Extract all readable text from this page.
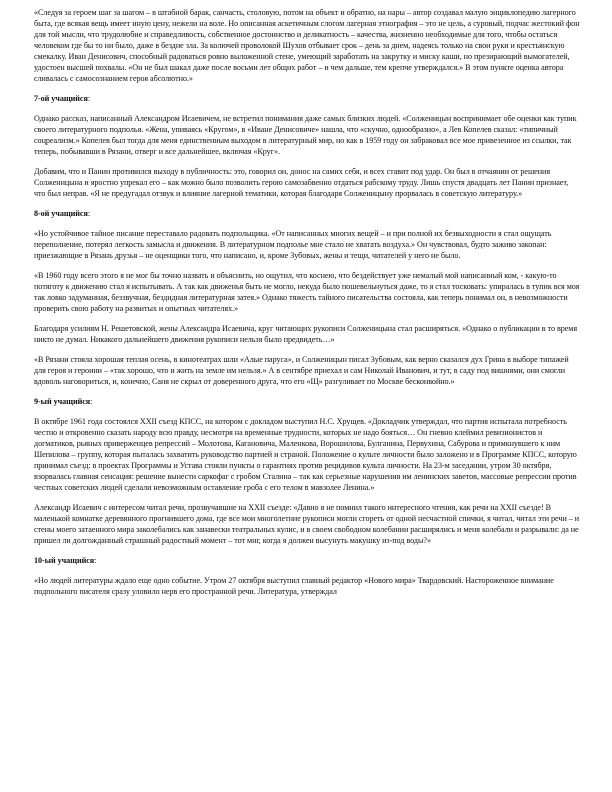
«Следуя за героем шаг за шагом – в штабной барак, санчасть, столовую, потом на объект и обратно, на нары – автор создавал малую энциклопедию лагерного быта, где всякая вещь имеет иную цену, нежели на воле. Но описанная аскетичным слогом лагерная этнография – это не цель, а суровый, подчас жестокий фон для той мысли, что трудолюбие и справедливость, собственное достоинство и деликатность – качества, жизненно необходимые для того, чтобы остаться человеком где бы то ни было, даже в бездне зла. За колючей проволокой Шухов отбывает срок – день за днем, надеясь только на свои руки и крестьянскую смекалку. Иван Денисович, способный радоваться ровно выложенной стене, умеющий заработать на закрутку и миску каши, но презирающий вымогателей, удостоен высшей похвалы. «Он не был шакал даже после восьми лет общих работ – и чем дальше, тем крепче утверждался.» В этом пункте оценка автора сливалась с самосознанием героя абсолютно.»

7-ой учащийся:

Однако рассказ, написанный Александром Исаевичем, не встретил понимания даже самых близких людей. «Солженицын воспринимает обе оценки как тупик своего литературного подполья. «Жена, упиваясь «Кругом», в «Иване Денисовиче» нашла, что «скучно, однообразно», а Лев Копелев сказал: «типичный соцреализм.» Копелев был тогда для меня единственным выходом в литературный мир, но как в 1959 году он забраковал все мое привезенное из ссылки, так теперь, побывавши в Рязани, отверг и все дальнейшее, включая «Круг».

Добавим, что и Панин противился выходу в публичность: это, говорил он, донос на самих себя, и всех ставит под удар. Он был в отчаянии от решения Солженицына и яростно упрекал его – как можно было позволить герою самозабвенно отдаться рабскому труду. Лишь спустя двадцать лет Панин признает, что был неправ. «Я не предугадал отзвук и влияние лагерной тематики, которая благодаря Солженицыну прорвалась в советскую литературу.»

8-ой учащийся:

«Но устойчивое тайное писание переставало радовать подпольщика. «От написанных многих вещей – и при полной их безвыходности я стал ощущать переполнение, потерял легкость замысла и движения. В литературном подполье мне стало не хватать воздуха.» Он чувствовал, будто заживо закопан: приезжающие в Рязань друзья – не оценщики того, что написано, и, кроме Зубовых, жены и тещи, читателей у него не было.

«В 1960 году всего этого я не мог бы точно назвать и объяснить, но ощутил, что коснею, что бездействует уже немалый мой написанный ком, - какую-то потяготу к движению стал я испытывать. А так как движенья быть не могло, некуда было пошевельнуться даже, то я стал тосковать: упиралась в тупик вся моя так ловко задуманная, беззвучная, бездидная литературная затея.» Однако тяжесть тайного писательства состояла, как теперь понимал он, в невозможности проверить свою работу на развитых и опытных читателях.»

Благодаря усилиям Н. Решетовской, жены Александра Исаевича, круг читающих рукописи Солженицына стал расширяться. «Однако о публикации в то время никто не думал. Никакого дальнейшего движения рукописи нельзя было предвидеть…»

«В Рязани стояла хорошая теплая осень, в кинотеатрах шли «Алые паруса», и Солженицын писал Зубовым, как верно сказался дух Грина в выборе типажей для героя и героини – «так хорошо, что и жить на земле им нельзя.» А в сентябре приехал и сам Николай Иванович, и тут, в саду под вишнями, они смогли вдоволь наговориться, и, конечно, Саня не скрыл от доверенного друга, что его «Щ» разгуливает по Москве бесконвойно.»

9-ый учащийся:

В октябре 1961 года состоялся XXII съезд КПСС, на котором с докладом выступил Н.С. Хрущев. «Докладчик утверждал, что партия испытала потребность честно и откровенно сказать народу всю правду, несмотря на временные трудности, которых не надо бояться… Он гневно клеймил ревизионистов и догматиков, рьяных приверженцев репрессий – Молотова, Кагановича, Маленкова, Ворошилова, Булганина, Первухина, Сабурова и примкнувшего к ним Шепилова – группу, которая пыталась захватить руководство партией и страной. Положение о культе личности было заложено и в Программе КПСС, которую принимал съезд: в проектах Программы и Устава стояли пункты о гарантиях против рецидивов культа личности. На 23-м заседании, утром 30 октября, взорвалась главная сенсация: решение вынести саркофаг с гробом Сталина – так как серьезные нарушения им ленинских заветов, массовые репрессии против честных советских людей сделали невозможным оставление гроба с его телом в мавзолее Ленина.»

Александр Исаевич с интересом читал речи, прозвучавшие на XXII съезде: «Давно я не помнил такого интересного чтения, как речи на XXII съезде! В маленькой комнатке деревянного прогнившего дома, где все мои многолетние рукописи могли сгореть от одной несчастной спички, я читал, читал эти речи – и стены моего затаенного мира заколебались как занавески театральных кулис, и в своем свободном колебании расширялись и меня колебали и разрывали: да не пришел ли долгожданный страшный радостный момент – тот миг, когда я должен высунуть макушку из-под воды?»

10-ый учащийся:

«Но людей литературы ждало еще одно событие. Утром 27 октября выступил главный редактор «Нового мира» Твардовский. Настороженное внимание подпольного писателя сразу уловило нерв его пространной речи. Литература, утверждал
